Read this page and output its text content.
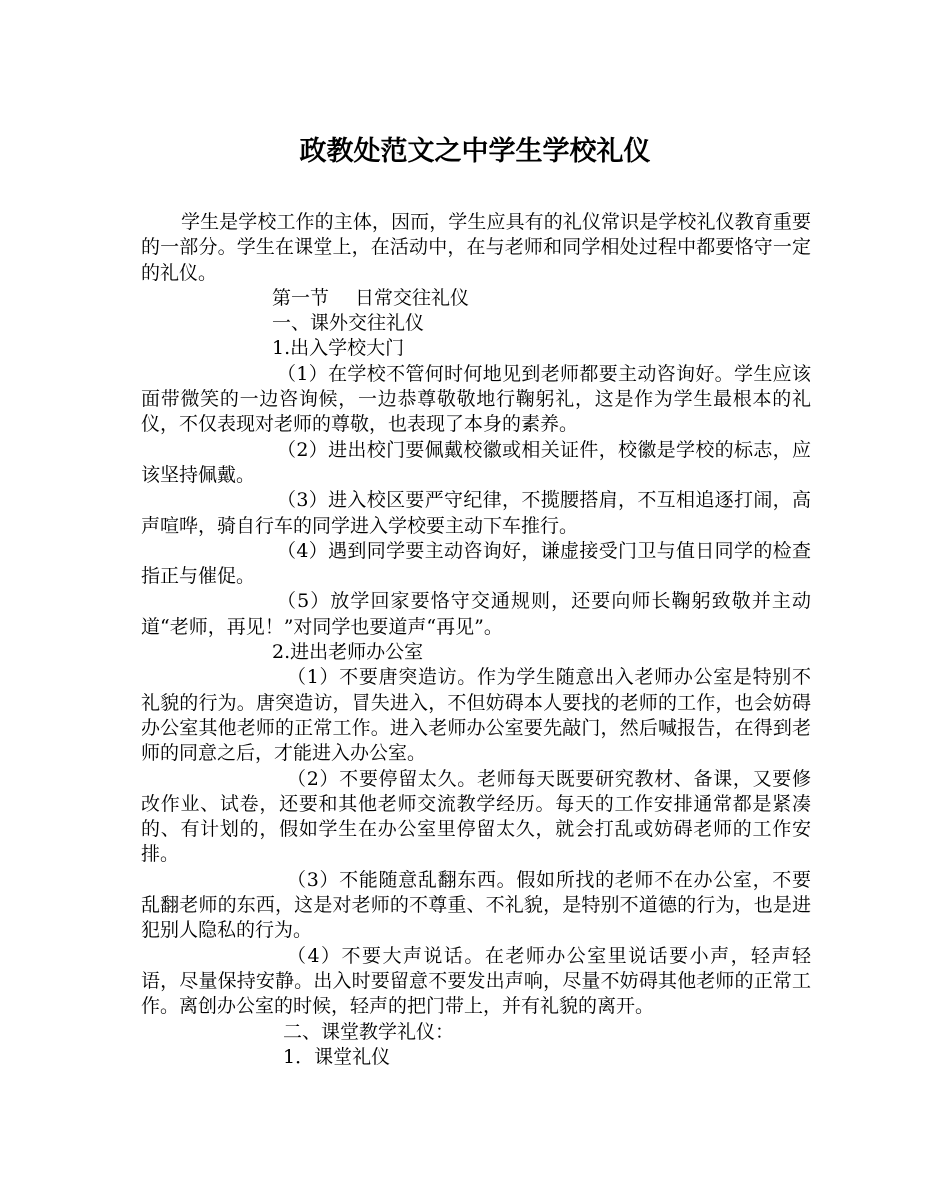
政教处范文之中学生学校礼仪

学生是学校工作的主体，因而，学生应具有的礼仪常识是学校礼仪教育重要的一部分。学生在课堂上，在活动中，在与老师和同学相处过程中都要恪守一定的礼仪。

第一节 日常交往礼仪

一、课外交往礼仪

1.出入学校大门

（1）在学校不管何时何地见到老师都要主动咨询好。学生应该面带微笑的一边咨询候，一边恭尊敬敬地行鞠躬礼，这是作为学生最根本的礼仪，不仅表现对老师的尊敬，也表现了本身的素养。

（2）进出校门要佩戴校徽或相关证件，校徽是学校的标志，应该坚持佩戴。

（3）进入校区要严守纪律，不揽腰搭肩，不互相追逐打闹，高声喧哗，骑自行车的同学进入学校要主动下车推行。

（4）遇到同学要主动咨询好，谦虚接受门卫与值日同学的检查指正与催促。

（5）放学回家要恪守交通规则，还要向师长鞠躬致敬并主动道“老师，再见！”对同学也要道声“再见”。

2.进出老师办公室

（1）不要唐突造访。作为学生随意出入老师办公室是特别不礼貌的行为。唐突造访，冒失进入，不但妨碍本人要找的老师的工作，也会妨碍办公室其他老师的正常工作。进入老师办公室要先敲门，然后喊报告，在得到老师的同意之后，才能进入办公室。

（2）不要停留太久。老师每天既要研究教材、备课，又要修改作业、试卷，还要和其他老师交流教学经历。每天的工作安排通常都是紧凑的、有计划的，假如学生在办公室里停留太久，就会打乱或妨碍老师的工作安排。

（3）不能随意乱翻东西。假如所找的老师不在办公室，不要乱翻老师的东西，这是对老师的不尊重、不礼貌，是特别不道德的行为，也是进犯别人隐私的行为。

（4）不要大声说话。在老师办公室里说话要小声，轻声轻语，尽量保持安静。出入时要留意不要发出声响，尽量不妨碍其他老师的正常工作。离创办公室的时候，轻声的把门带上，并有礼貌的离开。

二、课堂教学礼仪：

1．课堂礼仪
